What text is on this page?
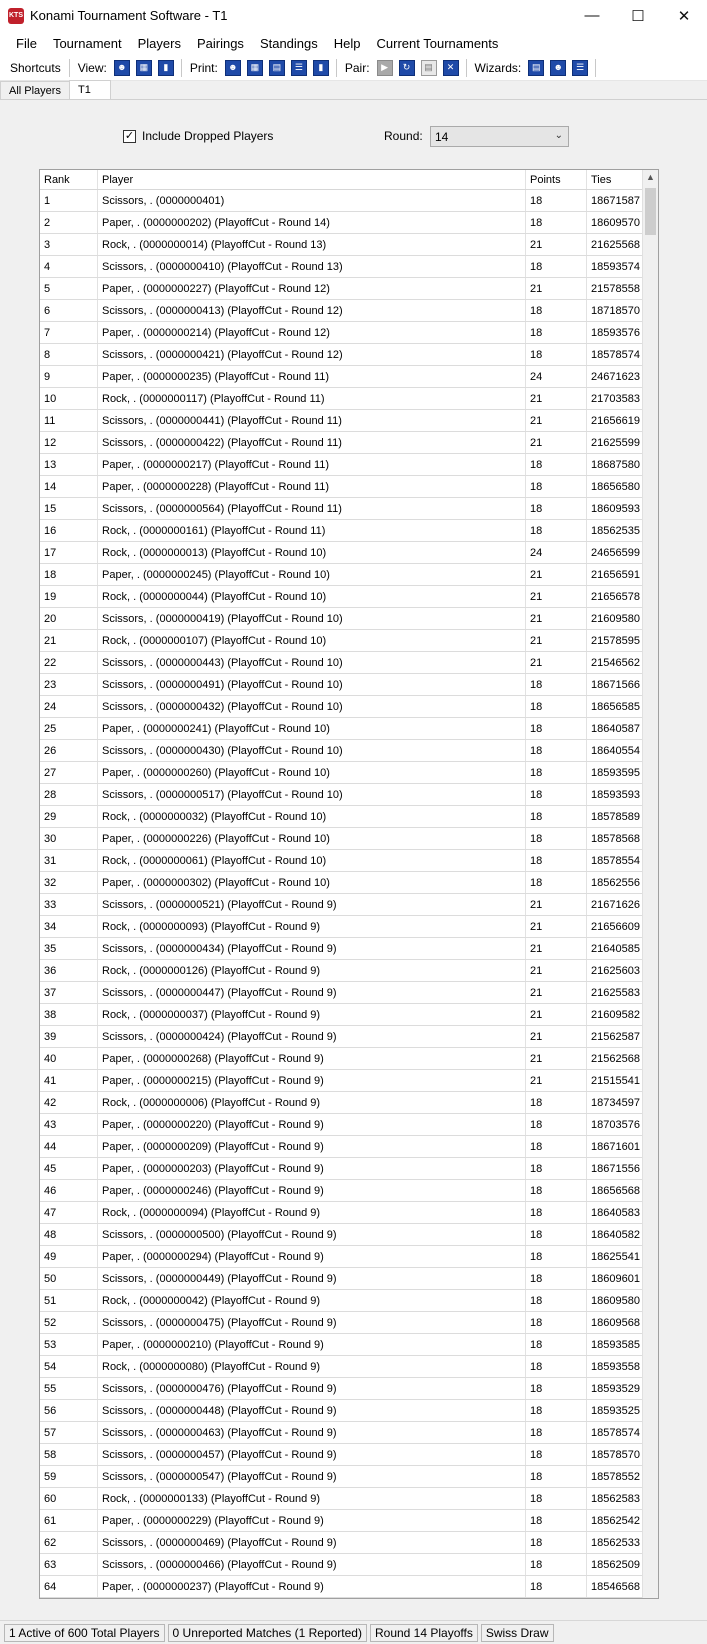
KTS Konami Tournament Software - T1	—	☐	✕
File	Tournament	Players	Pairings	Standings	Help	Current Tournaments
Shortcuts View:	☻	▦	▮	Print:	☻	▦	▤	☰	▮	Pair:	▶	↻	▤	✕	Wizards:	▤	☻	☰
All Players	T1
✓ Include Dropped Players	Round: 14	⌄
Rank	Player	Points	Ties
1	Scissors, . (0000000401)	18	18671587
2	Paper, . (0000000202) (PlayoffCut - Round 14)	18	18609570
3	Rock, . (0000000014) (PlayoffCut - Round 13)	21	21625568
4	Scissors, . (0000000410) (PlayoffCut - Round 13)	18	18593574
5	Paper, . (0000000227) (PlayoffCut - Round 12)	21	21578558
6	Scissors, . (0000000413) (PlayoffCut - Round 12)	18	18718570
7	Paper, . (0000000214) (PlayoffCut - Round 12)	18	18593576
8	Scissors, . (0000000421) (PlayoffCut - Round 12)	18	18578574
9	Paper, . (0000000235) (PlayoffCut - Round 11)	24	24671623
10	Rock, . (0000000117) (PlayoffCut - Round 11)	21	21703583
11	Scissors, . (0000000441) (PlayoffCut - Round 11)	21	21656619
12	Scissors, . (0000000422) (PlayoffCut - Round 11)	21	21625599
13	Paper, . (0000000217) (PlayoffCut - Round 11)	18	18687580
14	Paper, . (0000000228) (PlayoffCut - Round 11)	18	18656580
15	Scissors, . (0000000564) (PlayoffCut - Round 11)	18	18609593
16	Rock, . (0000000161) (PlayoffCut - Round 11)	18	18562535
17	Rock, . (0000000013) (PlayoffCut - Round 10)	24	24656599
18	Paper, . (0000000245) (PlayoffCut - Round 10)	21	21656591
19	Rock, . (0000000044) (PlayoffCut - Round 10)	21	21656578
20	Scissors, . (0000000419) (PlayoffCut - Round 10)	21	21609580
21	Rock, . (0000000107) (PlayoffCut - Round 10)	21	21578595
22	Scissors, . (0000000443) (PlayoffCut - Round 10)	21	21546562
23	Scissors, . (0000000491) (PlayoffCut - Round 10)	18	18671566
24	Scissors, . (0000000432) (PlayoffCut - Round 10)	18	18656585
25	Paper, . (0000000241) (PlayoffCut - Round 10)	18	18640587
26	Scissors, . (0000000430) (PlayoffCut - Round 10)	18	18640554
27	Paper, . (0000000260) (PlayoffCut - Round 10)	18	18593595
28	Scissors, . (0000000517) (PlayoffCut - Round 10)	18	18593593
29	Rock, . (0000000032) (PlayoffCut - Round 10)	18	18578589
30	Paper, . (0000000226) (PlayoffCut - Round 10)	18	18578568
31	Rock, . (0000000061) (PlayoffCut - Round 10)	18	18578554
32	Paper, . (0000000302) (PlayoffCut - Round 10)	18	18562556
33	Scissors, . (0000000521) (PlayoffCut - Round 9)	21	21671626
34	Rock, . (0000000093) (PlayoffCut - Round 9)	21	21656609
35	Scissors, . (0000000434) (PlayoffCut - Round 9)	21	21640585
36	Rock, . (0000000126) (PlayoffCut - Round 9)	21	21625603
37	Scissors, . (0000000447) (PlayoffCut - Round 9)	21	21625583
38	Rock, . (0000000037) (PlayoffCut - Round 9)	21	21609582
39	Scissors, . (0000000424) (PlayoffCut - Round 9)	21	21562587
40	Paper, . (0000000268) (PlayoffCut - Round 9)	21	21562568
41	Paper, . (0000000215) (PlayoffCut - Round 9)	21	21515541
42	Rock, . (0000000006) (PlayoffCut - Round 9)	18	18734597
43	Paper, . (0000000220) (PlayoffCut - Round 9)	18	18703576
44	Paper, . (0000000209) (PlayoffCut - Round 9)	18	18671601
45	Paper, . (0000000203) (PlayoffCut - Round 9)	18	18671556
46	Paper, . (0000000246) (PlayoffCut - Round 9)	18	18656568
47	Rock, . (0000000094) (PlayoffCut - Round 9)	18	18640583
48	Scissors, . (0000000500) (PlayoffCut - Round 9)	18	18640582
49	Paper, . (0000000294) (PlayoffCut - Round 9)	18	18625541
50	Scissors, . (0000000449) (PlayoffCut - Round 9)	18	18609601
51	Rock, . (0000000042) (PlayoffCut - Round 9)	18	18609580
52	Scissors, . (0000000475) (PlayoffCut - Round 9)	18	18609568
53	Paper, . (0000000210) (PlayoffCut - Round 9)	18	18593585
54	Rock, . (0000000080) (PlayoffCut - Round 9)	18	18593558
55	Scissors, . (0000000476) (PlayoffCut - Round 9)	18	18593529
56	Scissors, . (0000000448) (PlayoffCut - Round 9)	18	18593525
57	Scissors, . (0000000463) (PlayoffCut - Round 9)	18	18578574
58	Scissors, . (0000000457) (PlayoffCut - Round 9)	18	18578570
59	Scissors, . (0000000547) (PlayoffCut - Round 9)	18	18578552
60	Rock, . (0000000133) (PlayoffCut - Round 9)	18	18562583
61	Paper, . (0000000229) (PlayoffCut - Round 9)	18	18562542
62	Scissors, . (0000000469) (PlayoffCut - Round 9)	18	18562533
63	Scissors, . (0000000466) (PlayoffCut - Round 9)	18	18562509
64	Paper, . (0000000237) (PlayoffCut - Round 9)	18	18546568
▲
1 Active of 600 Total Players	0 Unreported Matches (1 Reported)	Round 14 Playoffs	Swiss Draw
